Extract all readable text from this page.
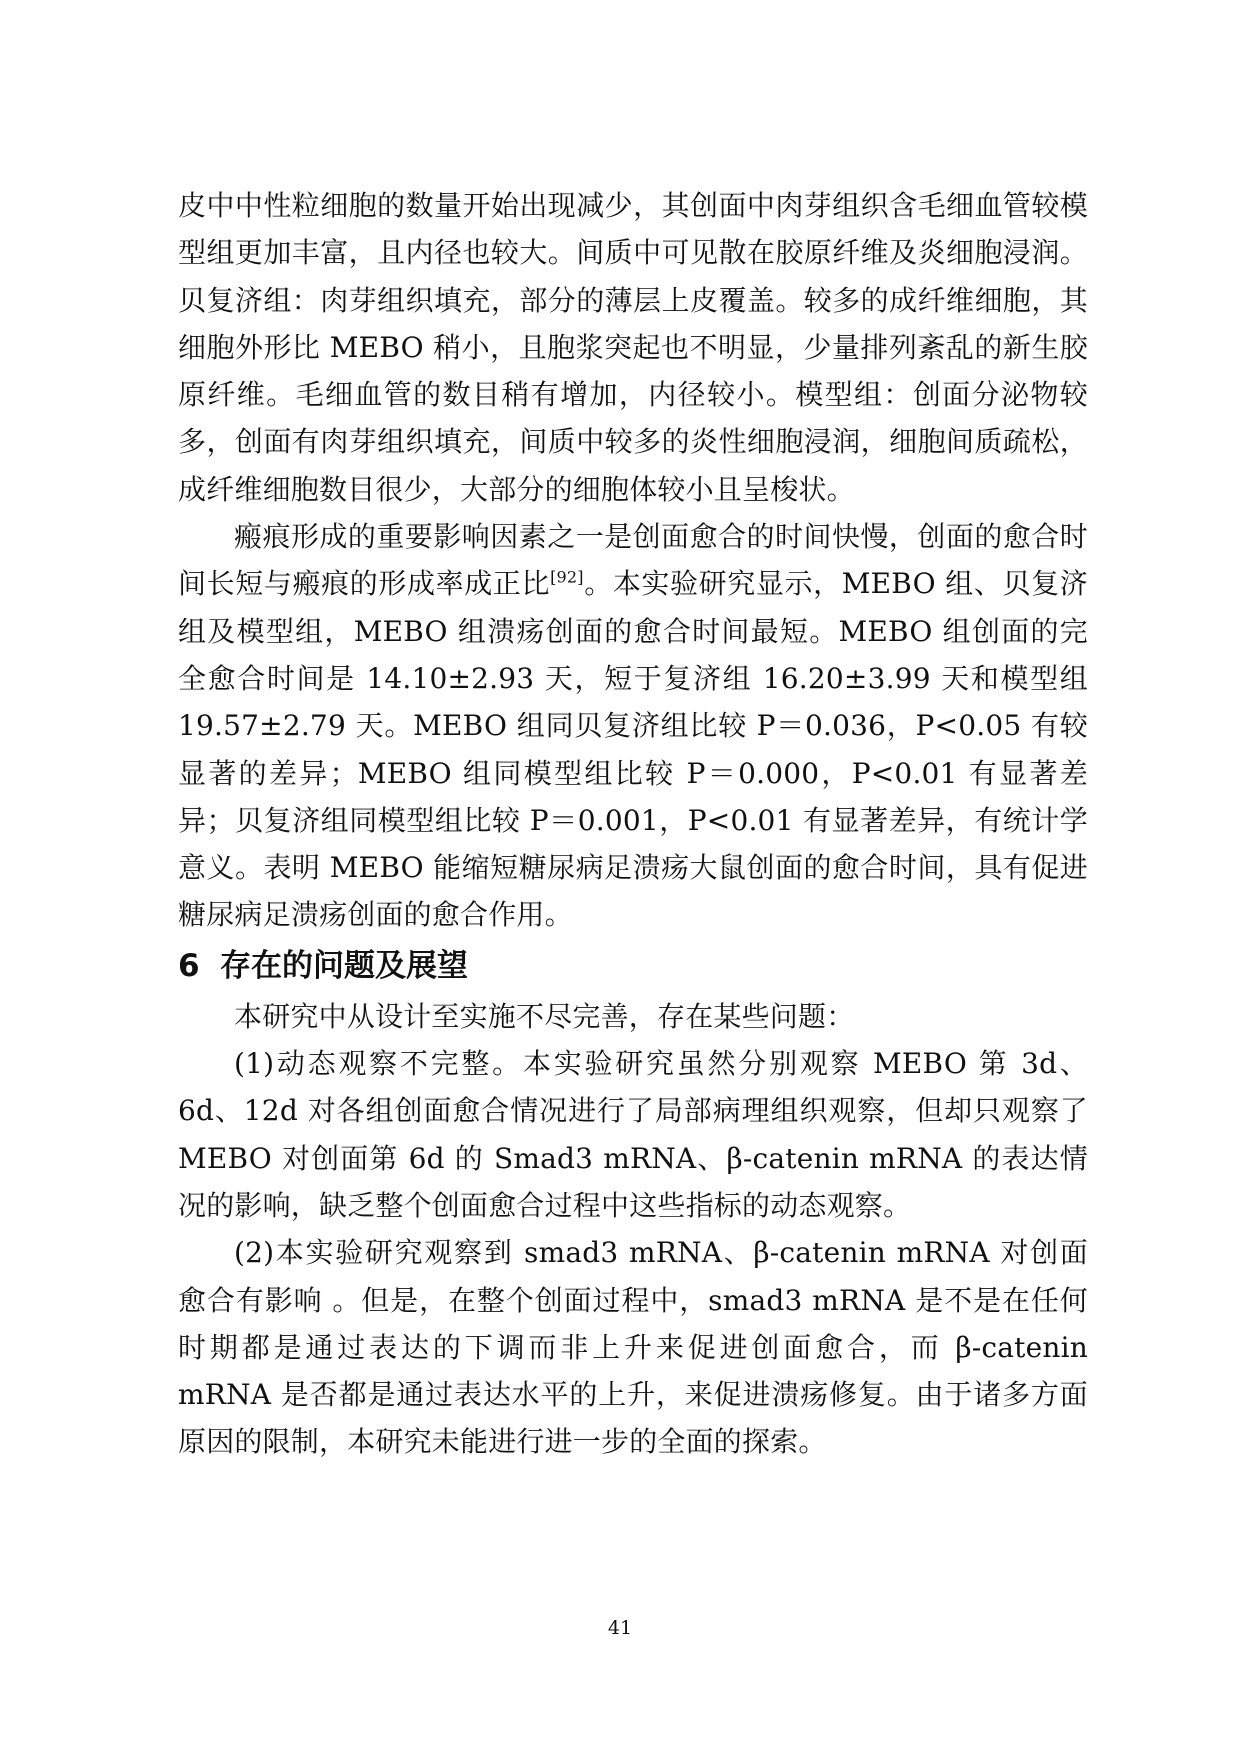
皮中中性粒细胞的数量开始出现减少，其创面中肉芽组织含毛细血管较模型组更加丰富，且内径也较大。间质中可见散在胶原纤维及炎细胞浸润。贝复济组：肉芽组织填充，部分的薄层上皮覆盖。较多的成纤维细胞，其细胞外形比 MEBO 稍小，且胞浆突起也不明显，少量排列紊乱的新生胶原纤维。毛细血管的数目稍有增加，内径较小。模型组：创面分泌物较多，创面有肉芽组织填充，间质中较多的炎性细胞浸润，细胞间质疏松，成纤维细胞数目很少，大部分的细胞体较小且呈梭状。

瘢痕形成的重要影响因素之一是创面愈合的时间快慢，创面的愈合时间长短与瘢痕的形成率成正比[92]。本实验研究显示，MEBO 组、贝复济组及模型组，MEBO 组溃疡创面的愈合时间最短。MEBO 组创面的完全愈合时间是 14.10±2.93 天，短于复济组 16.20±3.99 天和模型组 19.57±2.79 天。MEBO 组同贝复济组比较 P＝0.036，P<0.05 有较显著的差异；MEBO 组同模型组比较 P＝0.000，P<0.01 有显著差异；贝复济组同模型组比较 P＝0.001，P<0.01 有显著差异，有统计学意义。表明 MEBO 能缩短糖尿病足溃疡大鼠创面的愈合时间，具有促进糖尿病足溃疡创面的愈合作用。

6 存在的问题及展望

本研究中从设计至实施不尽完善，存在某些问题：

(1)动态观察不完整。本实验研究虽然分别观察 MEBO 第 3d、6d、12d 对各组创面愈合情况进行了局部病理组织观察，但却只观察了 MEBO 对创面第 6d 的 Smad3 mRNA、β-catenin mRNA 的表达情况的影响，缺乏整个创面愈合过程中这些指标的动态观察。

(2)本实验研究观察到 smad3 mRNA、β-catenin mRNA 对创面愈合有影响 。但是，在整个创面过程中，smad3 mRNA 是不是在任何时期都是通过表达的下调而非上升来促进创面愈合，而 β-catenin mRNA 是否都是通过表达水平的上升，来促进溃疡修复。由于诸多方面原因的限制，本研究未能进行进一步的全面的探索。

41
